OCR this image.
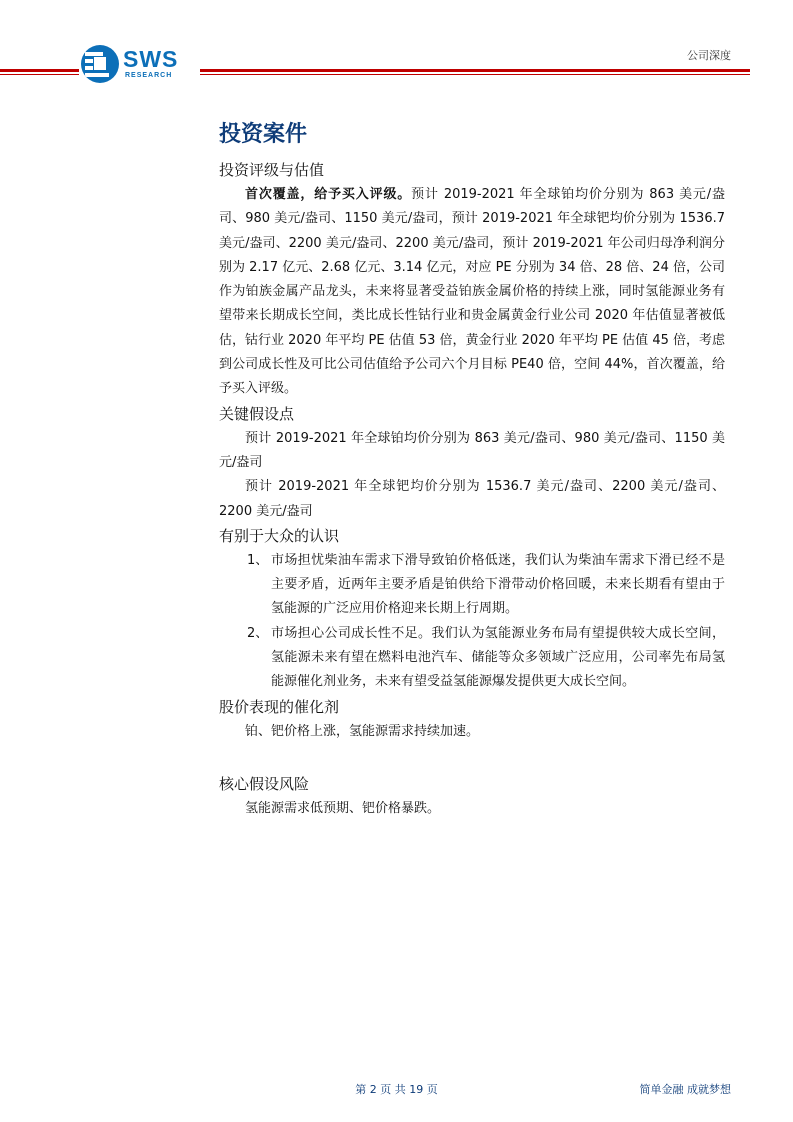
SWS
RESEARCH
公司深度
投资案件
投资评级与估值

首次覆盖，给予买入评级。预计 2019-2021 年全球铂均价分别为 863 美元/盎司、980 美元/盎司、1150 美元/盎司，预计 2019-2021 年全球钯均价分别为 1536.7 美元/盎司、2200 美元/盎司、2200 美元/盎司，预计 2019-2021 年公司归母净利润分别为 2.17 亿元、2.68 亿元、3.14 亿元，对应 PE 分别为 34 倍、28 倍、24 倍，公司作为铂族金属产品龙头，未来将显著受益铂族金属价格的持续上涨，同时氢能源业务有望带来长期成长空间，类比成长性钴行业和贵金属黄金行业公司 2020 年估值显著被低估，钴行业 2020 年平均 PE 估值 53 倍，黄金行业 2020 年平均 PE 估值 45 倍，考虑到公司成长性及可比公司估值给予公司六个月目标 PE40 倍，空间 44%，首次覆盖，给予买入评级。

关键假设点

预计 2019-2021 年全球铂均价分别为 863 美元/盎司、980 美元/盎司、1150 美元/盎司

预计 2019-2021 年全球钯均价分别为 1536.7 美元/盎司、2200 美元/盎司、2200 美元/盎司

有别于大众的认识
1、 市场担忧柴油车需求下滑导致铂价格低迷，我们认为柴油车需求下滑已经不是主要矛盾，近两年主要矛盾是铂供给下滑带动价格回暖，未来长期看有望由于氢能源的广泛应用价格迎来长期上行周期。
2、 市场担心公司成长性不足。我们认为氢能源业务布局有望提供较大成长空间，氢能源未来有望在燃料电池汽车、储能等众多领域广泛应用，公司率先布局氢能源催化剂业务，未来有望受益氢能源爆发提供更大成长空间。
股价表现的催化剂
铂、钯价格上涨，氢能源需求持续加速。
核心假设风险
氢能源需求低预期、钯价格暴跌。
第 2 页 共 19 页	简单金融 成就梦想
